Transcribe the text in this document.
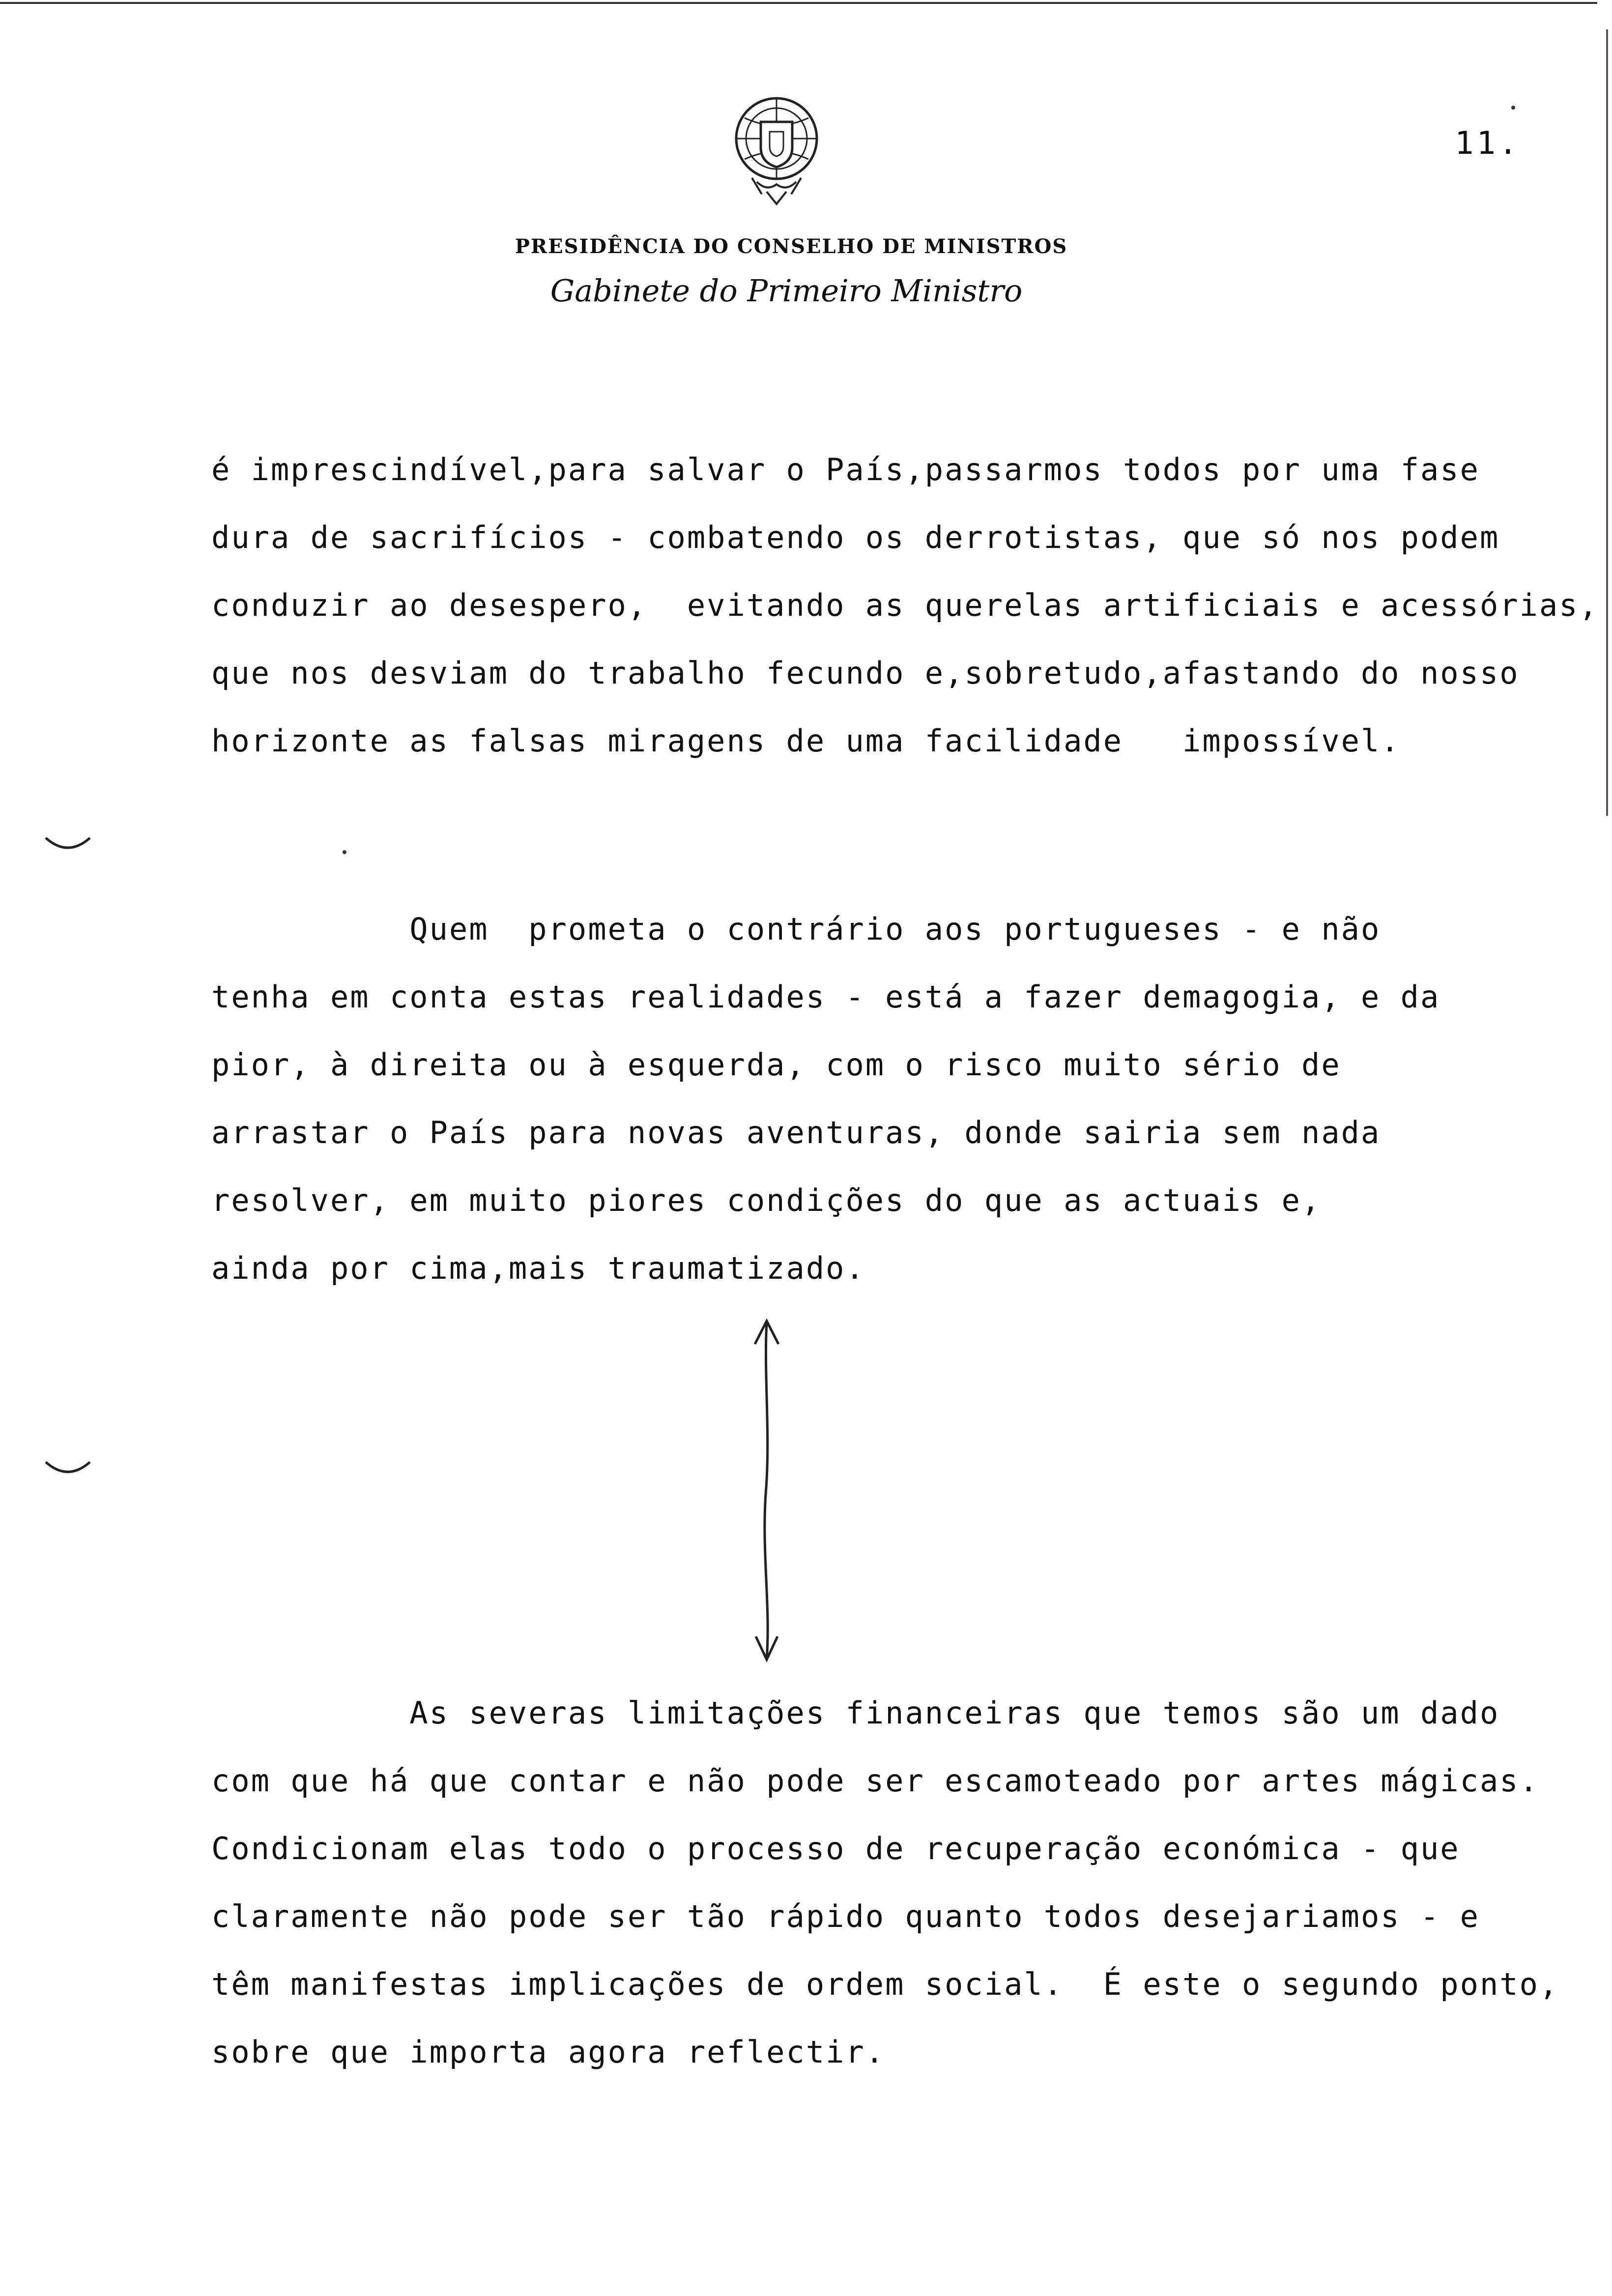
PRESIDÊNCIA DO CONSELHO DE MINISTROS
Gabinete do Primeiro Ministro
11.
é imprescindível,para salvar o País,passarmos todos por uma fase
dura de sacrifícios - combatendo os derrotistas, que só nos podem
conduzir ao desespero,  evitando as querelas artificiais e acessórias,
que nos desviam do trabalho fecundo e,sobretudo,afastando do nosso
horizonte as falsas miragens de uma facilidade   impossível.
Quem  prometa o contrário aos portugueses - e não
tenha em conta estas realidades - está a fazer demagogia, e da
pior, à direita ou à esquerda, com o risco muito sério de
arrastar o País para novas aventuras, donde sairia sem nada
resolver, em muito piores condições do que as actuais e,
ainda por cima,mais traumatizado.
As severas limitações financeiras que temos são um dado
com que há que contar e não pode ser escamoteado por artes mágicas.
Condicionam elas todo o processo de recuperação económica - que
claramente não pode ser tão rápido quanto todos desejariamos - e
têm manifestas implicações de ordem social.  É este o segundo ponto,
sobre que importa agora reflectir.
